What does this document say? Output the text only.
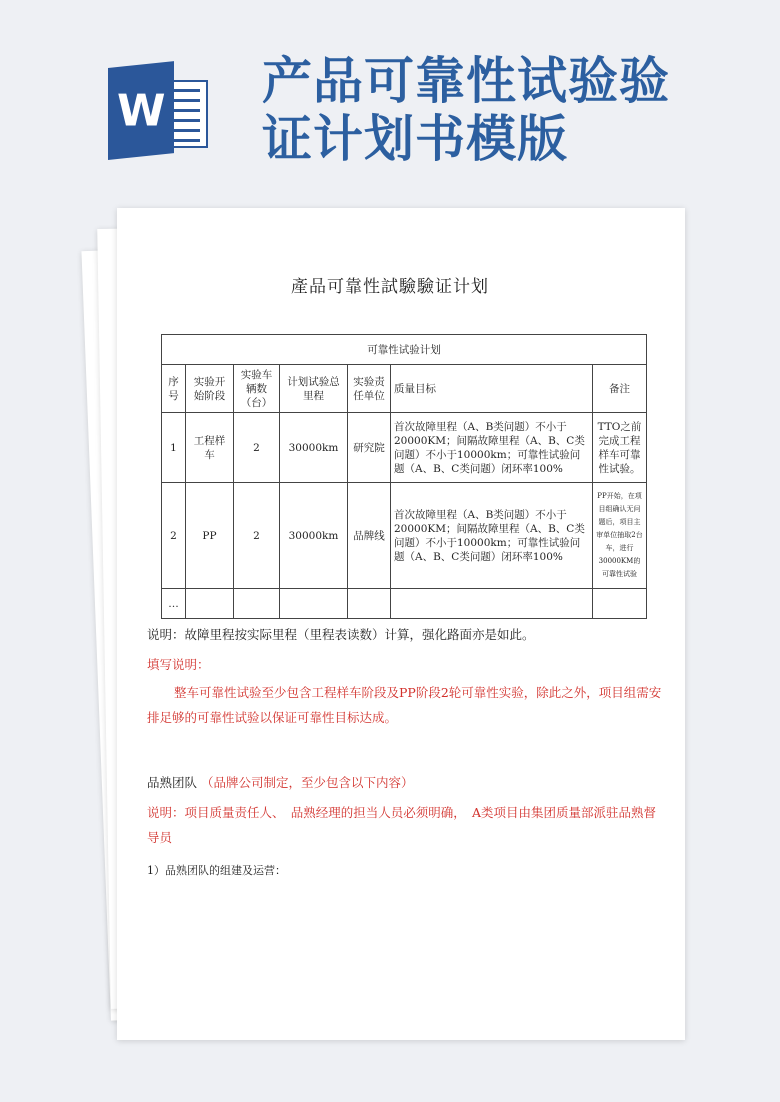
W
产品可靠性试验验证计划书模版
產品可靠性試驗驗证计划
可靠性试验计划						
序号	实验开始阶段	实验车辆数（台）	计划试验总里程	实验责任单位	质量目标	备注
1	工程样车	2	30000km	研究院	首次故障里程（A、B类问题）不小于20000KM；间隔故障里程（A、B、C类问题）不小于10000km；可靠性试验问题（A、B、C类问题）闭环率100%	TTO之前完成工程样车可靠性试验。
2	PP	2	30000km	品牌线	首次故障里程（A、B类问题）不小于20000KM；间隔故障里程（A、B、C类问题）不小于10000km；可靠性试验问题（A、B、C类问题）闭环率100%	PP开始，在项目组确认无问题后，项目主审单位抽取2台车，进行30000KM的可靠性试验
…						

说明：故障里程按实际里程（里程表读数）计算，强化路面亦是如此。

填写说明：

整车可靠性试验至少包含工程样车阶段及PP阶段2轮可靠性实验，除此之外，项目组需安排足够的可靠性试验以保证可靠性目标达成。

品熟团队 （品牌公司制定，至少包含以下内容）

说明：项目质量责任人、　品熟经理的担当人员必须明确，　A类项目由集团质量部派驻品熟督导员

1）品熟团队的组建及运营：
